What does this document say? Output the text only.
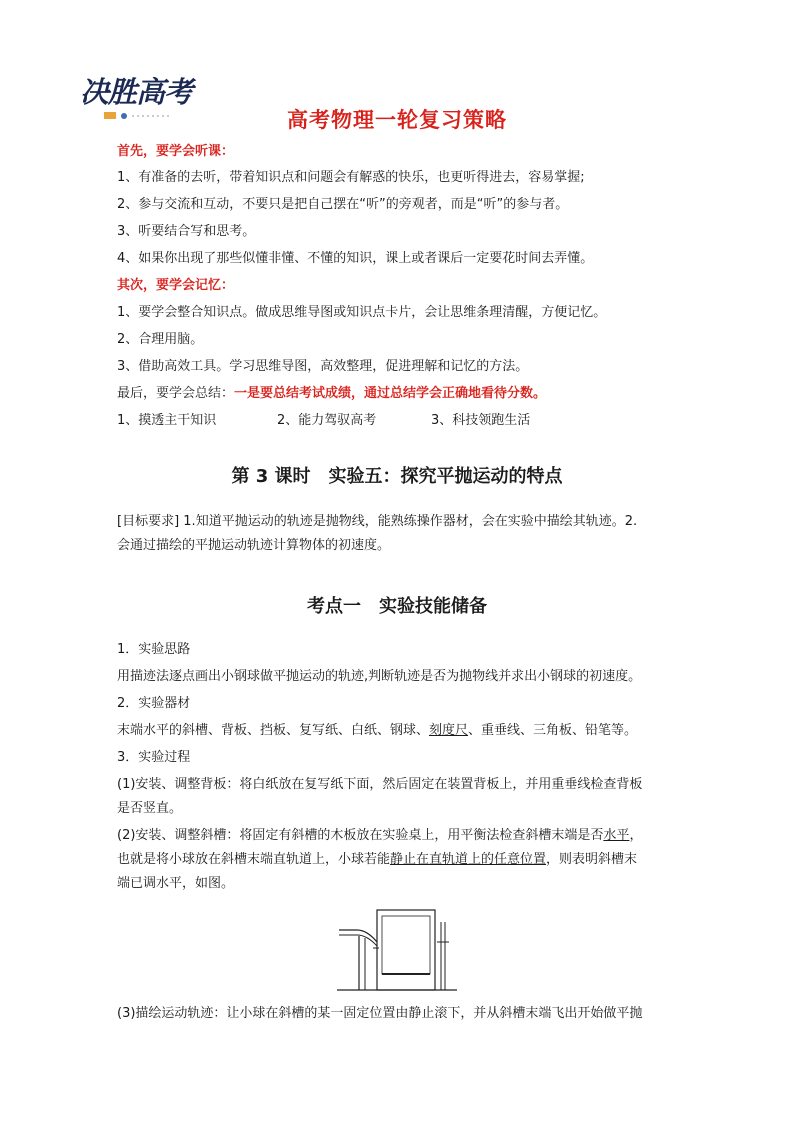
决胜高考
高考物理一轮复习策略
首先，要学会听课：
1、有准备的去听，带着知识点和问题会有解惑的快乐，也更听得进去，容易掌握;
2、参与交流和互动，不要只是把自己摆在“听”的旁观者，而是“听”的参与者。
3、听要结合写和思考。
4、如果你出现了那些似懂非懂、不懂的知识，课上或者课后一定要花时间去弄懂。
其次，要学会记忆：
1、要学会整合知识点。做成思维导图或知识点卡片，会让思维条理清醒，方便记忆。
2、合理用脑。
3、借助高效工具。学习思维导图，高效整理，促进理解和记忆的方法。
最后，要学会总结：一是要总结考试成绩，通过总结学会正确地看待分数。
1、摸透主干知识	2、能力驾驭高考	3、科技领跑生活
第 3 课时　实验五：探究平抛运动的特点
[目标要求] 1.知道平抛运动的轨迹是抛物线，能熟练操作器材，会在实验中描绘其轨迹。2.
会通过描绘的平抛运动轨迹计算物体的初速度。
考点一　实验技能储备
1．实验思路
用描迹法逐点画出小钢球做平抛运动的轨迹,判断轨迹是否为抛物线并求出小钢球的初速度。
2．实验器材
末端水平的斜槽、背板、挡板、复写纸、白纸、钢球、刻度尺、重垂线、三角板、铅笔等。
3．实验过程
(1)安装、调整背板：将白纸放在复写纸下面，然后固定在装置背板上，并用重垂线检查背板
是否竖直。
(2)安装、调整斜槽：将固定有斜槽的木板放在实验桌上，用平衡法检查斜槽末端是否水平，
也就是将小球放在斜槽末端直轨道上，小球若能静止在直轨道上的任意位置，则表明斜槽末
端已调水平，如图。
(3)描绘运动轨迹：让小球在斜槽的某一固定位置由静止滚下，并从斜槽末端飞出开始做平抛
